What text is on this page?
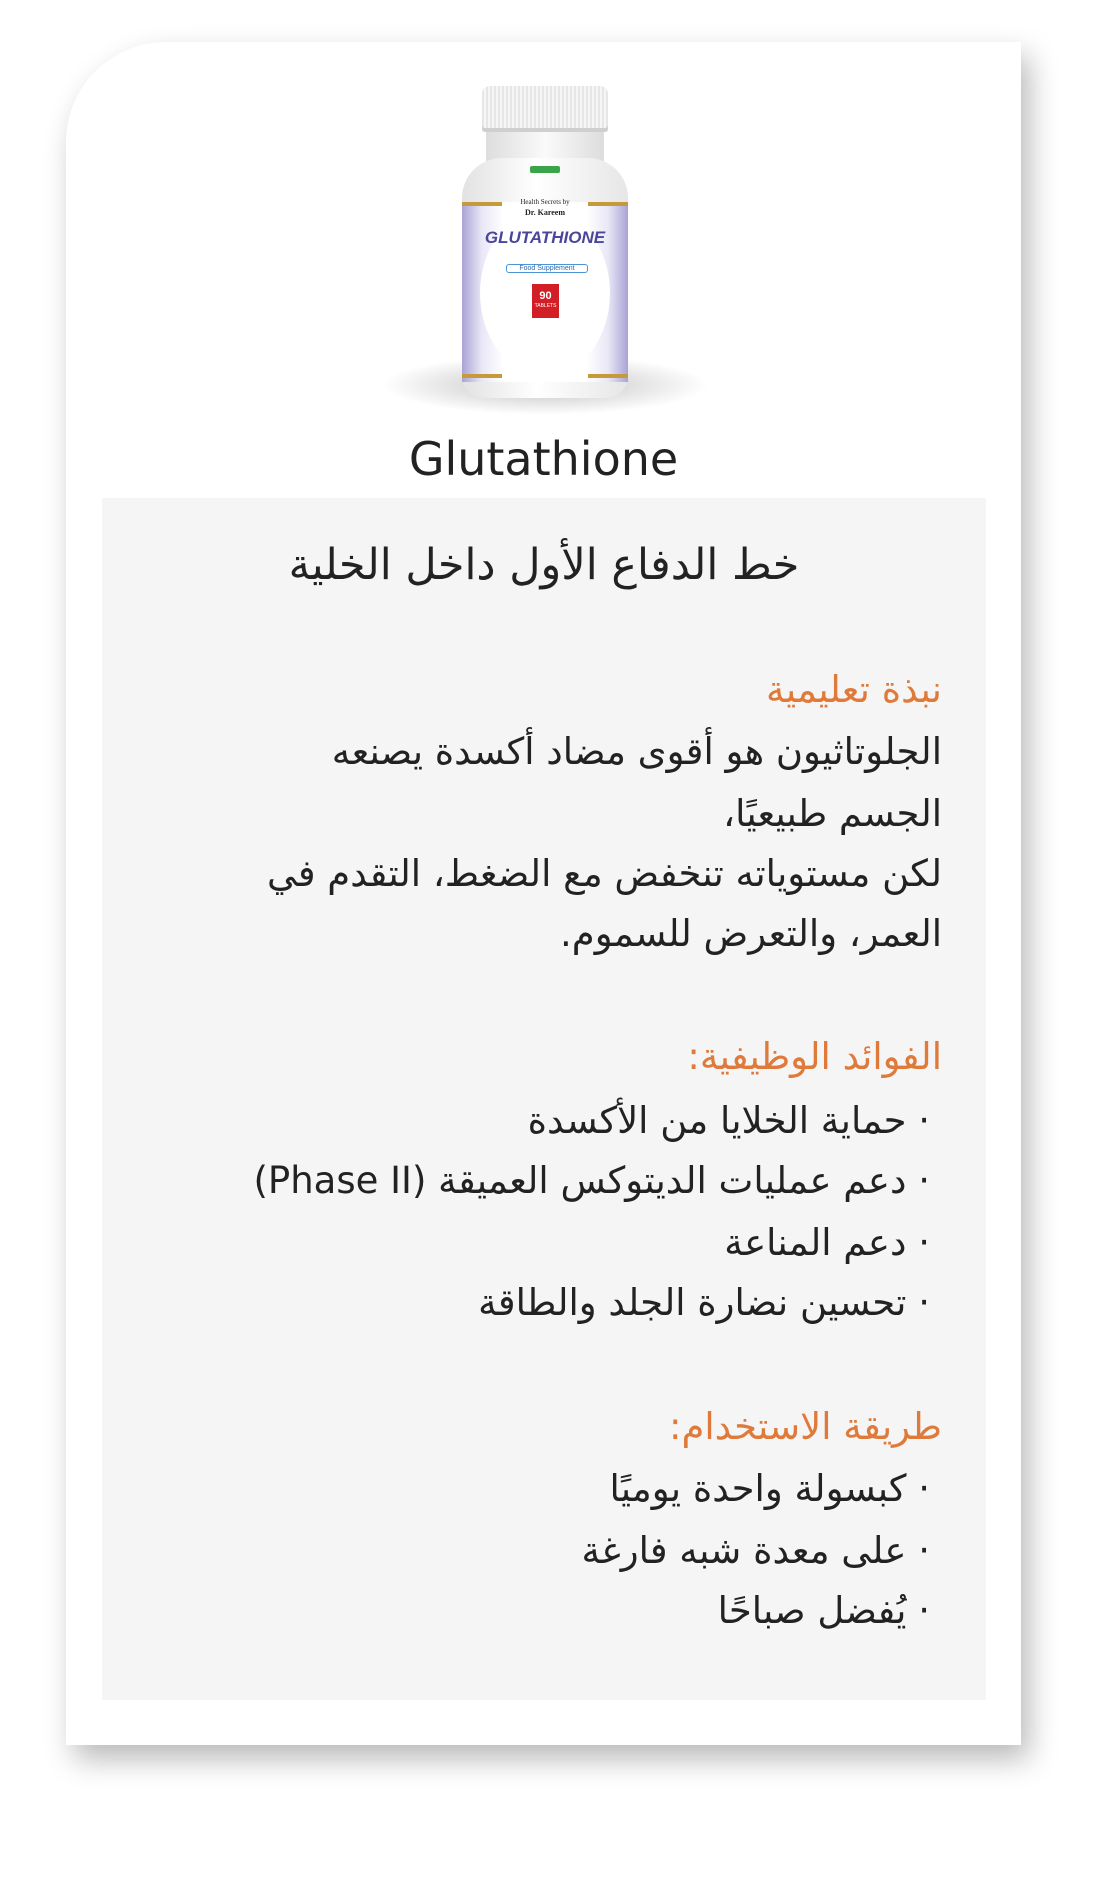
Health Secrets by
Dr. Kareem
GLUTATHIONE
Food Supplement
90
TABLETS
Glutathione
خط الدفاع الأول داخل الخلية
نبذة تعليمية
الجلوتاثيون هو أقوى مضاد أكسدة يصنعه
الجسم طبيعيًا،
لكن مستوياته تنخفض مع الضغط، التقدم في
العمر، والتعرض للسموم.
الفوائد الوظيفية:
· حماية الخلايا من الأكسدة
· دعم عمليات الديتوكس العميقة (Phase II)
· دعم المناعة
· تحسين نضارة الجلد والطاقة
طريقة الاستخدام:
· كبسولة واحدة يوميًا
· على معدة شبه فارغة
· يُفضل صباحًا
